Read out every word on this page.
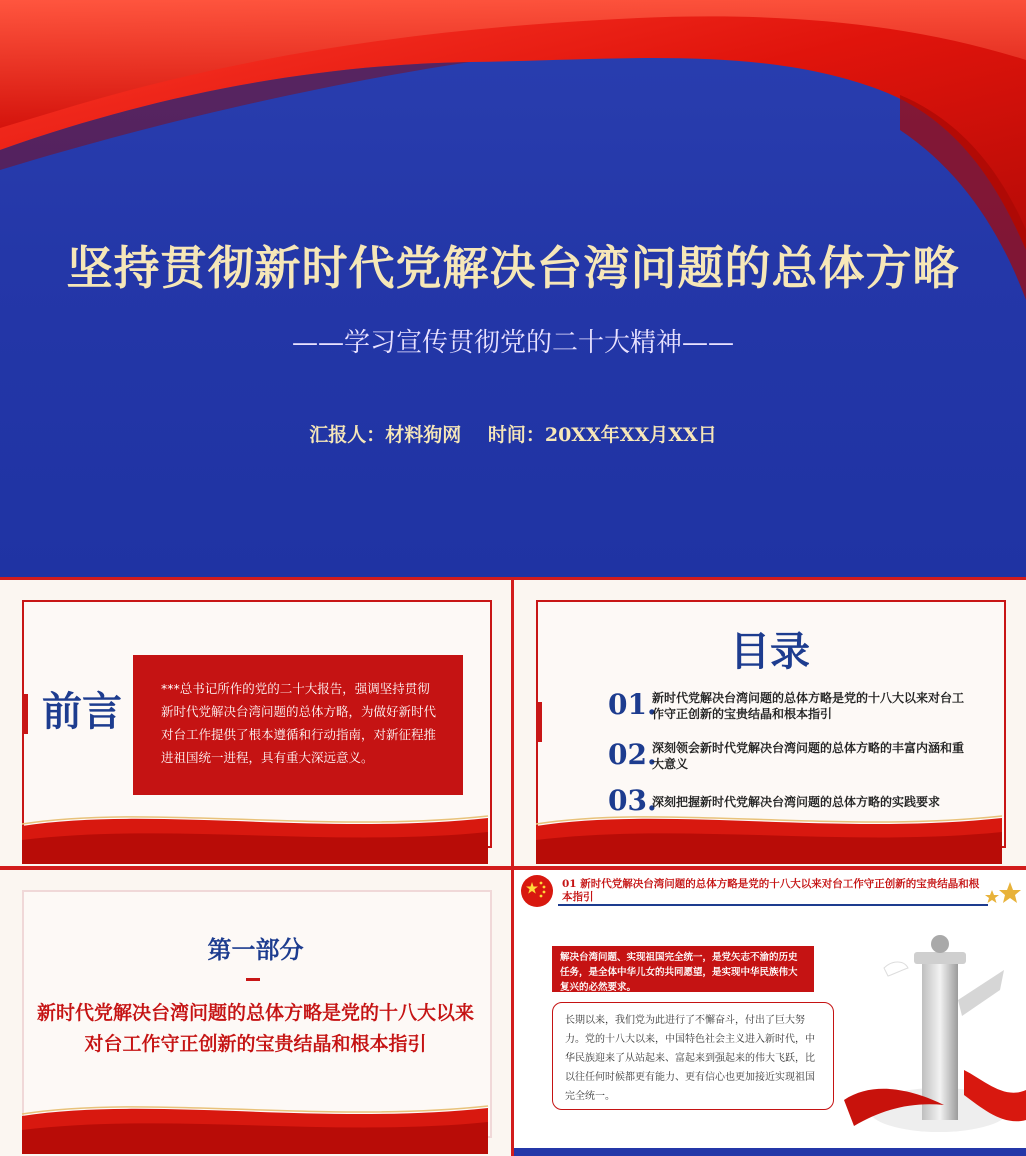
坚持贯彻新时代党解决台湾问题的总体方略
——学习宣传贯彻党的二十大精神——
汇报人：材料狗网 时间：20XX年XX月XX日
前言	***总书记所作的党的二十大报告，强调坚持贯彻新时代党解决台湾问题的总体方略，为做好新时代对台工作提供了根本遵循和行动指南，对新征程推进祖国统一进程，具有重大深远意义。
目录
01.
新时代党解决台湾问题的总体方略是党的十八大以来对台工作守正创新的宝贵结晶和根本指引
02.
深刻领会新时代党解决台湾问题的总体方略的丰富内涵和重大意义
03.
深刻把握新时代党解决台湾问题的总体方略的实践要求
第一部分
新时代党解决台湾问题的总体方略是党的十八大以来
对台工作守正创新的宝贵结晶和根本指引
01 新时代党解决台湾问题的总体方略是党的十八大以来对台工作守正创新的宝贵结晶和根本指引
解决台湾问题、实现祖国完全统一，是党矢志不渝的历史任务，是全体中华儿女的共同愿望，是实现中华民族伟大复兴的必然要求。
长期以来，我们党为此进行了不懈奋斗，付出了巨大努力。党的十八大以来，中国特色社会主义进入新时代，中华民族迎来了从站起来、富起来到强起来的伟大飞跃，比以往任何时候都更有能力、更有信心也更加接近实现祖国完全统一。
